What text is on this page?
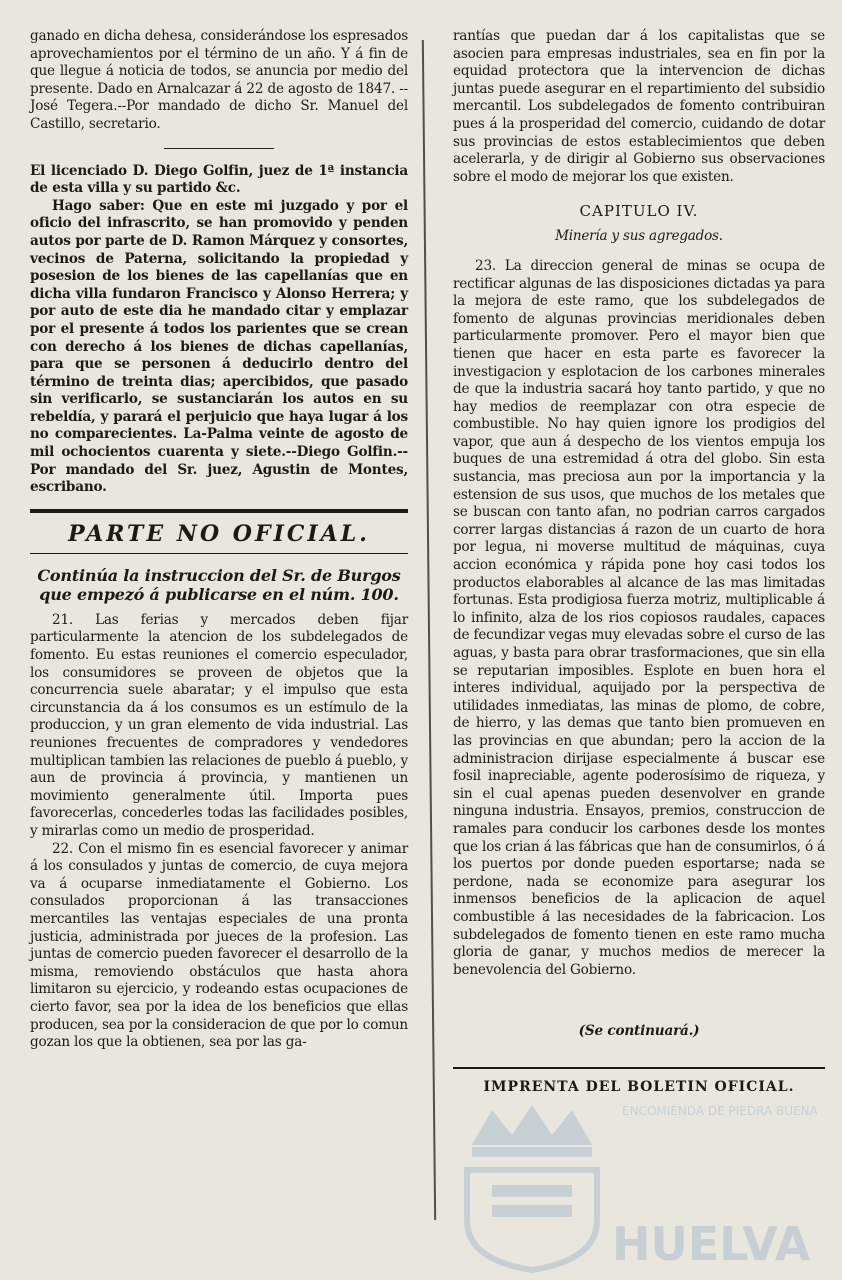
ganado en dicha dehesa, considerándose los espresados aprovechamientos por el término de un año. Y á fin de que llegue á noticia de todos, se anuncia por medio del presente. Dado en Arnalcazar á 22 de agosto de 1847. --José Tegera.--Por mandado de dicho Sr. Manuel del Castillo, secretario.

El licenciado D. Diego Golfin, juez de 1ª instancia de esta villa y su partido &c.

Hago saber: Que en este mi juzgado y por el oficio del infrascrito, se han promovido y penden autos por parte de D. Ramon Márquez y consortes, vecinos de Paterna, solicitando la propiedad y posesion de los bienes de las capellanías que en dicha villa fundaron Francisco y Alonso Herrera; y por auto de este dia he mandado citar y emplazar por el presente á todos los parientes que se crean con derecho á los bienes de dichas capellanías, para que se personen á deducirlo dentro del término de treinta dias; apercibidos, que pasado sin verificarlo, se sustanciarán los autos en su rebeldía, y parará el perjuicio que haya lugar á los no comparecientes. La-Palma veinte de agosto de mil ochocientos cuarenta y siete.--Diego Golfin.--Por mandado del Sr. juez, Agustin de Montes, escribano.

PARTE NO OFICIAL.

Continúa la instruccion del Sr. de Burgos que empezó á publicarse en el núm. 100.

21. Las ferias y mercados deben fijar particularmente la atencion de los subdelegados de fomento. Eu estas reuniones el comercio especulador, los consumidores se proveen de objetos que la concurrencia suele abaratar; y el impulso que esta circunstancia da á los consumos es un estímulo de la produccion, y un gran elemento de vida industrial. Las reuniones frecuentes de compradores y vendedores multiplican tambien las relaciones de pueblo á pueblo, y aun de provincia á provincia, y mantienen un movimiento generalmente útil. Importa pues favorecerlas, concederles todas las facilidades posibles, y mirarlas como un medio de prosperidad.

22. Con el mismo fin es esencial favorecer y animar á los consulados y juntas de comercio, de cuya mejora va á ocuparse inmediatamente el Gobierno. Los consulados proporcionan á las transacciones mercantiles las ventajas especiales de una pronta justicia, administrada por jueces de la profesion. Las juntas de comercio pueden favorecer el desarrollo de la misma, removiendo obstáculos que hasta ahora limitaron su ejercicio, y rodeando estas ocupaciones de cierto favor, sea por la idea de los beneficios que ellas producen, sea por la consideracion de que por lo comun gozan los que la obtienen, sea por las ga-

rantías que puedan dar á los capitalistas que se asocien para empresas industriales, sea en fin por la equidad protectora que la intervencion de dichas juntas puede asegurar en el repartimiento del subsidio mercantil. Los subdelegados de fomento contribuiran pues á la prosperidad del comercio, cuidando de dotar sus provincias de estos establecimientos que deben acelerarla, y de dirigir al Gobierno sus observaciones sobre el modo de mejorar los que existen.

CAPITULO IV.

Minería y sus agregados.

23. La direccion general de minas se ocupa de rectificar algunas de las disposiciones dictadas ya para la mejora de este ramo, que los subdelegados de fomento de algunas provincias meridionales deben particularmente promover. Pero el mayor bien que tienen que hacer en esta parte es favorecer la investigacion y esplotacion de los carbones minerales de que la industria sacará hoy tanto partido, y que no hay medios de reemplazar con otra especie de combustible. No hay quien ignore los prodigios del vapor, que aun á despecho de los vientos empuja los buques de una estremidad á otra del globo. Sin esta sustancia, mas preciosa aun por la importancia y la estension de sus usos, que muchos de los metales que se buscan con tanto afan, no podrian carros cargados correr largas distancias á razon de un cuarto de hora por legua, ni moverse multitud de máquinas, cuya accion económica y rápida pone hoy casi todos los productos elaborables al alcance de las mas limitadas fortunas. Esta prodigiosa fuerza motriz, multiplicable á lo infinito, alza de los rios copiosos raudales, capaces de fecundizar vegas muy elevadas sobre el curso de las aguas, y basta para obrar trasformaciones, que sin ella se reputarian imposibles. Esplote en buen hora el interes individual, aquijado por la perspectiva de utilidades inmediatas, las minas de plomo, de cobre, de hierro, y las demas que tanto bien promueven en las provincias en que abundan; pero la accion de la administracion dirijase especialmente á buscar ese fosil inapreciable, agente poderosísimo de riqueza, y sin el cual apenas pueden desenvolver en grande ninguna industria. Ensayos, premios, construccion de ramales para conducir los carbones desde los montes que los crian á las fábricas que han de consumirlos, ó á los puertos por donde pueden esportarse; nada se perdone, nada se economize para asegurar los inmensos beneficios de la aplicacion de aquel combustible á las necesidades de la fabricacion. Los subdelegados de fomento tienen en este ramo mucha gloria de ganar, y muchos medios de merecer la benevolencia del Gobierno.

(Se continuará.)

IMPRENTA DEL BOLETIN OFICIAL.

ENCOMIENDA DE PIEDRA BUENA
HUELVA
